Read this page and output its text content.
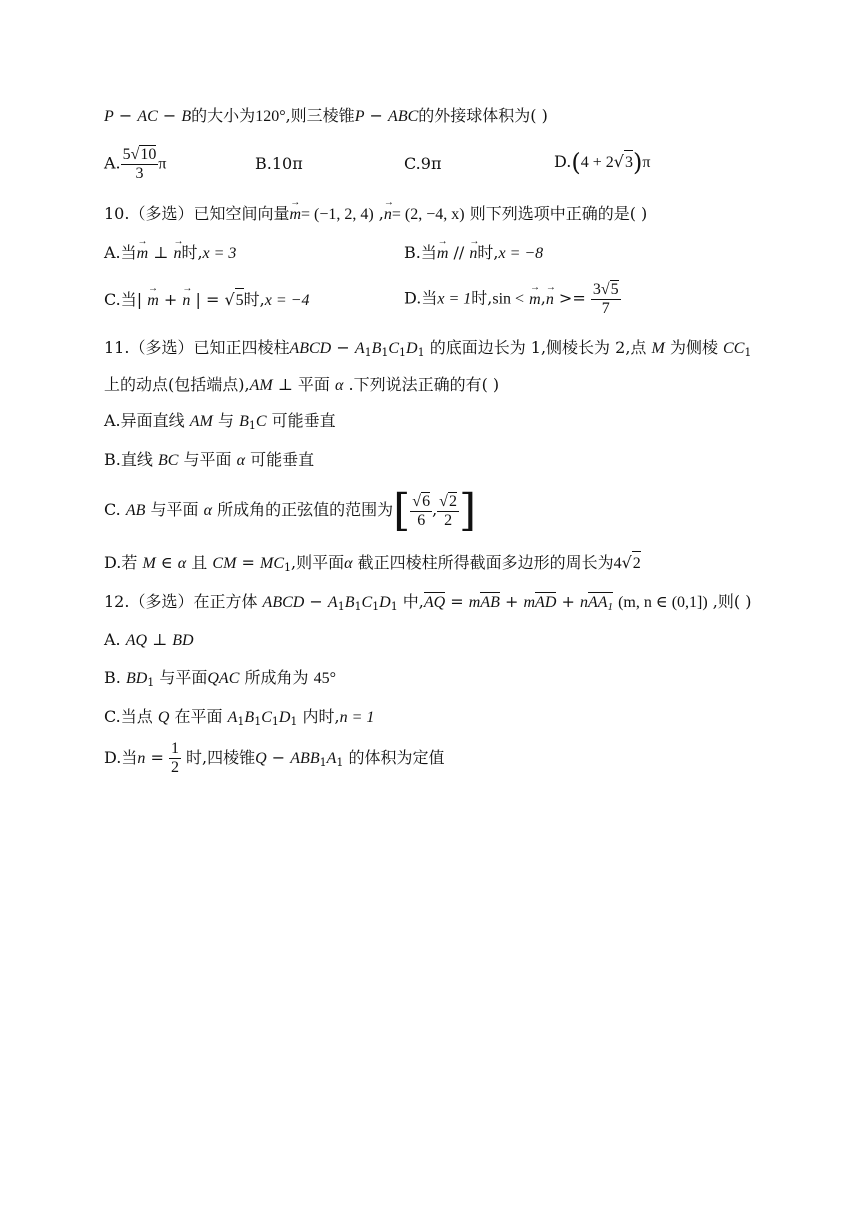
P − AC − B的大小为120°,则三棱锥P − ABC的外接球体积为( )
A. $\frac{5√10}{3}$ π	B.10π	C.9π	D.(4 + 2√3)π
10.（多选）已知空间向量→ m= (−1, 2, 4) ,→ n= (2, −4, x) 则下列选项中正确的是( )
A.当→ m ⊥ → n时,x = 3	B.当→ m // → n时,x = −8
C.当| → m + → n | = √5时,x = −4	D.当x = 1时,sin < → $m,\to n >= \frac{3√5}{7}$
11.（多选）已知正四棱柱ABCD − $A_1B_1C_1D_1$ 的底面边长为 1,侧棱长为 2,点 M 为侧棱 $CC_1$
上的动点(包括端点),AM ⊥ 平面 α .下列说法正确的有( )
A.异面直线 AM 与 $B_1C$ 可能垂直
B.直线 BC 与平面 α 可能垂直
C. AB 与平面 α 所成角的正弦值的范围为[ $\frac{√6}{6}$ , $\frac{√2}{2}$ ]
D.若 M ∈ α 且 CM = $MC_1$,则平面α 截正四棱柱所得截面多边形的周长为4√2
12.（多选）在正方体 ABCD − $A_1B_1C_1D_1$ 中,AQ = mAB + mAD + nAA$_1$ (m, n ∈ (0,1]) ,则( )
A. AQ ⊥ BD
B. $BD_1$ 与平面QAC 所成角为 45°
C.当点 Q 在平面 $A_1B_1C_1D_1$ 内时,n = 1
D.当$n = \frac{1}{2}$ 时,四棱锥$Q - ABB_1A_1$ 的体积为定值
